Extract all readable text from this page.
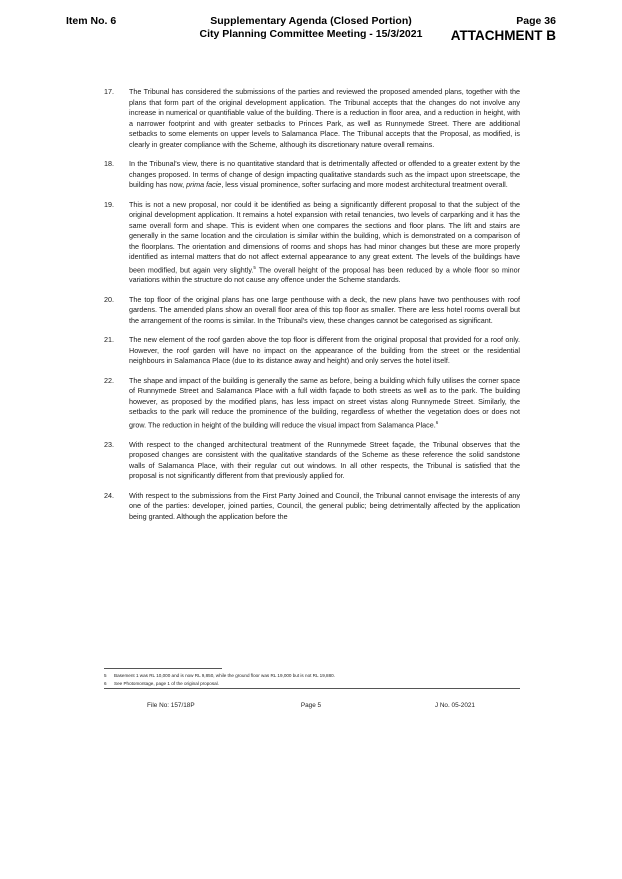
Item No. 6	Supplementary Agenda (Closed Portion)
City Planning Committee Meeting - 15/3/2021
Page 36
ATTACHMENT B
17.	The Tribunal has considered the submissions of the parties and reviewed the proposed amended plans, together with the plans that form part of the original development application. The Tribunal accepts that the changes do not involve any increase in numerical or quantifiable value of the building. There is a reduction in floor area, and a reduction in height, with a narrower footprint and with greater setbacks to Princes Park, as well as Runnymede Street. There are additional setbacks to some elements on upper levels to Salamanca Place. The Tribunal accepts that the Proposal, as modified, is clearly in greater compliance with the Scheme, although its discretionary nature overall remains.
18.	In the Tribunal's view, there is no quantitative standard that is detrimentally affected or offended to a greater extent by the changes proposed. In terms of change of design impacting qualitative standards such as the impact upon streetscape, the building has now, prima facie, less visual prominence, softer surfacing and more modest architectural treatment overall.
19.	This is not a new proposal, nor could it be identified as being a significantly different proposal to that the subject of the original development application. It remains a hotel expansion with retail tenancies, two levels of carparking and it has the same overall form and shape. This is evident when one compares the sections and floor plans. The lift and stairs are generally in the same location and the circulation is similar within the building, which is demonstrated on a comparison of the floorplans. The orientation and dimensions of rooms and shops has had minor changes but these are more properly identified as internal matters that do not affect external appearance to any great extent. The levels of the buildings have been modified, but again very slightly.$^5$ The overall height of the proposal has been reduced by a whole floor so minor variations within the structure do not cause any offence under the Scheme standards.
20.	The top floor of the original plans has one large penthouse with a deck, the new plans have two penthouses with roof gardens. The amended plans show an overall floor area of this top floor as smaller. There are less hotel rooms overall but the arrangement of the rooms is similar. In the Tribunal's view, these changes cannot be categorised as significant.
21.	The new element of the roof garden above the top floor is different from the original proposal that provided for a roof only. However, the roof garden will have no impact on the appearance of the building from the street or the residential neighbours in Salamanca Place (due to its distance away and height) and only serves the hotel itself.
22.	The shape and impact of the building is generally the same as before, being a building which fully utilises the corner space of Runnymede Street and Salamanca Place with a full width façade to both streets as well as to the park. The building however, as proposed by the modified plans, has less impact on street vistas along Runnymede Street. Similarly, the setbacks to the park will reduce the prominence of the building, regardless of whether the vegetation does or does not grow. The reduction in height of the building will reduce the visual impact from Salamanca Place.$^6$
23.	With respect to the changed architectural treatment of the Runnymede Street façade, the Tribunal observes that the proposed changes are consistent with the qualitative standards of the Scheme as these reference the solid sandstone walls of Salamanca Place, with their regular cut out windows. In all other respects, the Tribunal is satisfied that the proposal is not significantly different from that previously applied for.
24.	With respect to the submissions from the First Party Joined and Council, the Tribunal cannot envisage the interests of any one of the parties: developer, joined parties, Council, the general public; being detrimentally affected by the application being granted. Although the application before the
5	Basement 1 was RL 10,000 and is now RL 9,850, while the ground floor was RL 19,000 but is not RL 19,880.
6	See Photomontage, page 1 of the original proposal.
File No: 157/18P	Page 5	J No. 05-2021
